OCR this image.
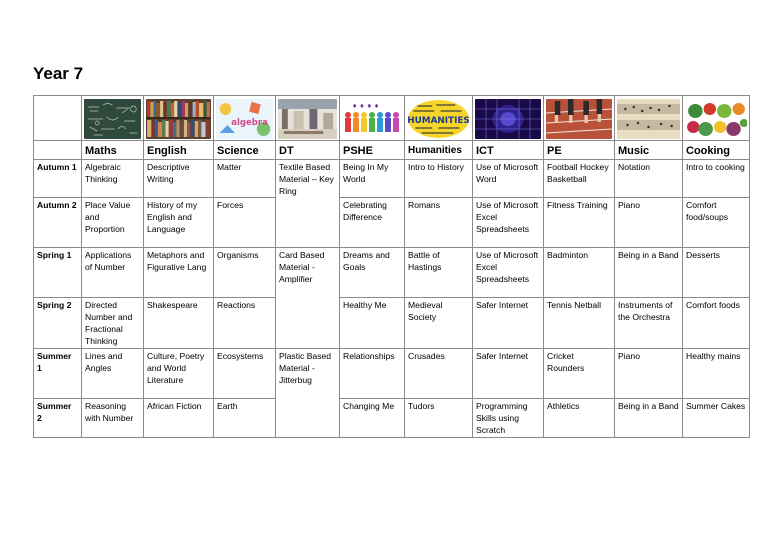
Year 7

algebra		♦ ♦ ♦ ♦	HUMANITIES

	Maths	English	Science	DT	PSHE	Humanities	ICT	PE	Music	Cooking
Autumn 1	Algebraic Thinking	Descriptive Writing	Matter	Textile Based Material – Key Ring	Being In My World	Intro to History	Use of Microsoft Word	Football Hockey Basketball	Notation	Intro to cooking
Autumn 2	Place Value and Proportion	History of my English and Language	Forces		Celebrating Difference	Romans	Use of Microsoft Excel Spreadsheets	Fitness Training	Piano	Comfort food/soups
Spring 1	Applications of Number	Metaphors and Figurative Lang	Organisms	Card Based Material - Amplifier	Dreams and Goals	Battle of Hastings	Use of Microsoft Excel Spreadsheets	Badminton	Being in a Band	Desserts
Spring 2	Directed Number and Fractional Thinking	Shakespeare	Reactions		Healthy Me	Medieval Society	Safer Internet	Tennis Netball	Instruments of the Orchestra	Comfort foods
Summer 1	Lines and Angles	Culture, Poetry and World Literature	Ecosystems	Plastic Based Material - Jitterbug	Relationships	Crusades	Safer Internet	Cricket Rounders	Piano	Healthy mains
Summer 2	Reasoning with Number	African Fiction	Earth		Changing Me	Tudors	Programming Skills using Scratch	Athletics	Being in a Band	Summer Cakes
